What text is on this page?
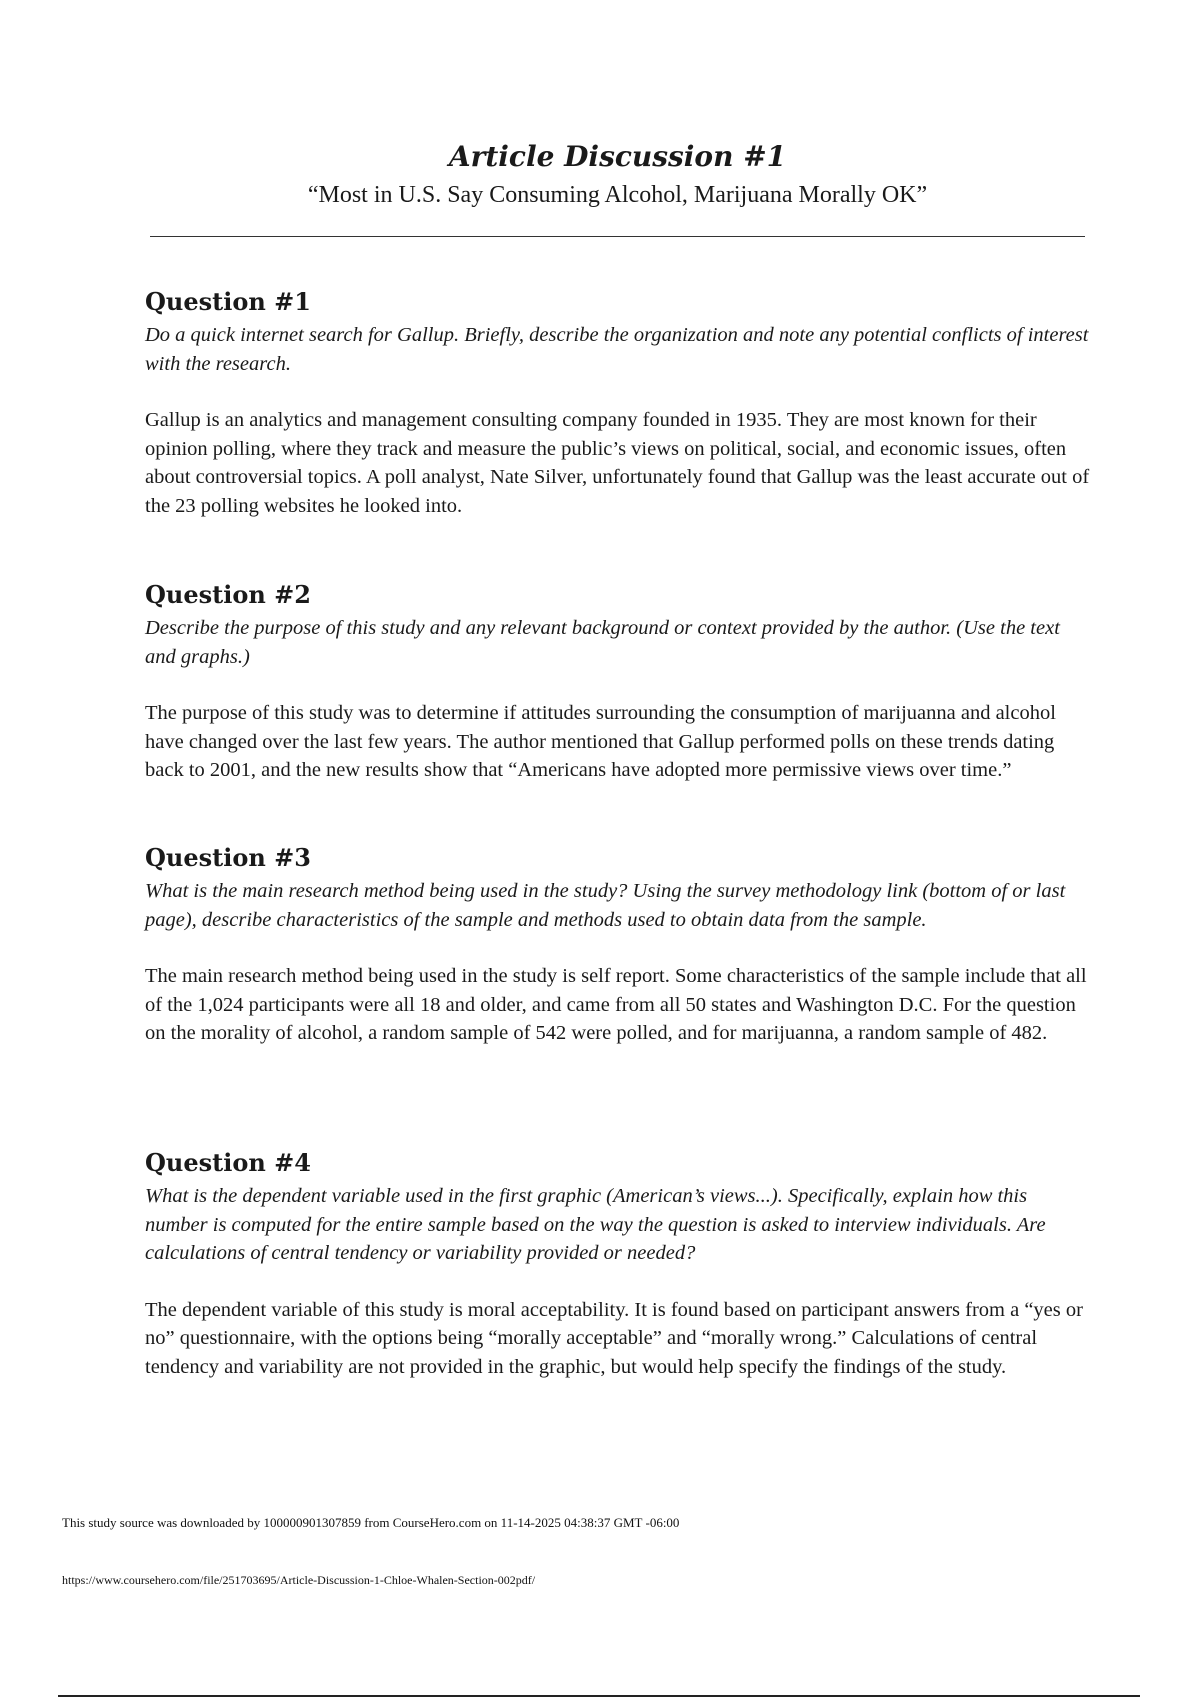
Article Discussion #1

“Most in U.S. Say Consuming Alcohol, Marijuana Morally OK”

Question #1

Do a quick internet search for Gallup. Briefly, describe the organization and note any potential conflicts of interest with the research.

Gallup is an analytics and management consulting company founded in 1935. They are most known for their opinion polling, where they track and measure the public’s views on political, social, and economic issues, often about controversial topics. A poll analyst, Nate Silver, unfortunately found that Gallup was the least accurate out of the 23 polling websites he looked into.

Question #2

Describe the purpose of this study and any relevant background or context provided by the author. (Use the text and graphs.)

The purpose of this study was to determine if attitudes surrounding the consumption of marijuanna and alcohol have changed over the last few years. The author mentioned that Gallup performed polls on these trends dating back to 2001, and the new results show that “Americans have adopted more permissive views over time.”

Question #3

What is the main research method being used in the study? Using the survey methodology link (bottom of or last page), describe characteristics of the sample and methods used to obtain data from the sample.

The main research method being used in the study is self report. Some characteristics of the sample include that all of the 1,024 participants were all 18 and older, and came from all 50 states and Washington D.C. For the question on the morality of alcohol, a random sample of 542 were polled, and for marijuanna, a random sample of 482.

Question #4

What is the dependent variable used in the first graphic (American’s views...). Specifically, explain how this number is computed for the entire sample based on the way the question is asked to interview individuals. Are calculations of central tendency or variability provided or needed?

The dependent variable of this study is moral acceptability. It is found based on participant answers from a “yes or no” questionnaire, with the options being “morally acceptable” and “morally wrong.” Calculations of central tendency and variability are not provided in the graphic, but would help specify the findings of the study.

This study source was downloaded by 100000901307859 from CourseHero.com on 11-14-2025 04:38:37 GMT -06:00

https://www.coursehero.com/file/251703695/Article-Discussion-1-Chloe-Whalen-Section-002pdf/
